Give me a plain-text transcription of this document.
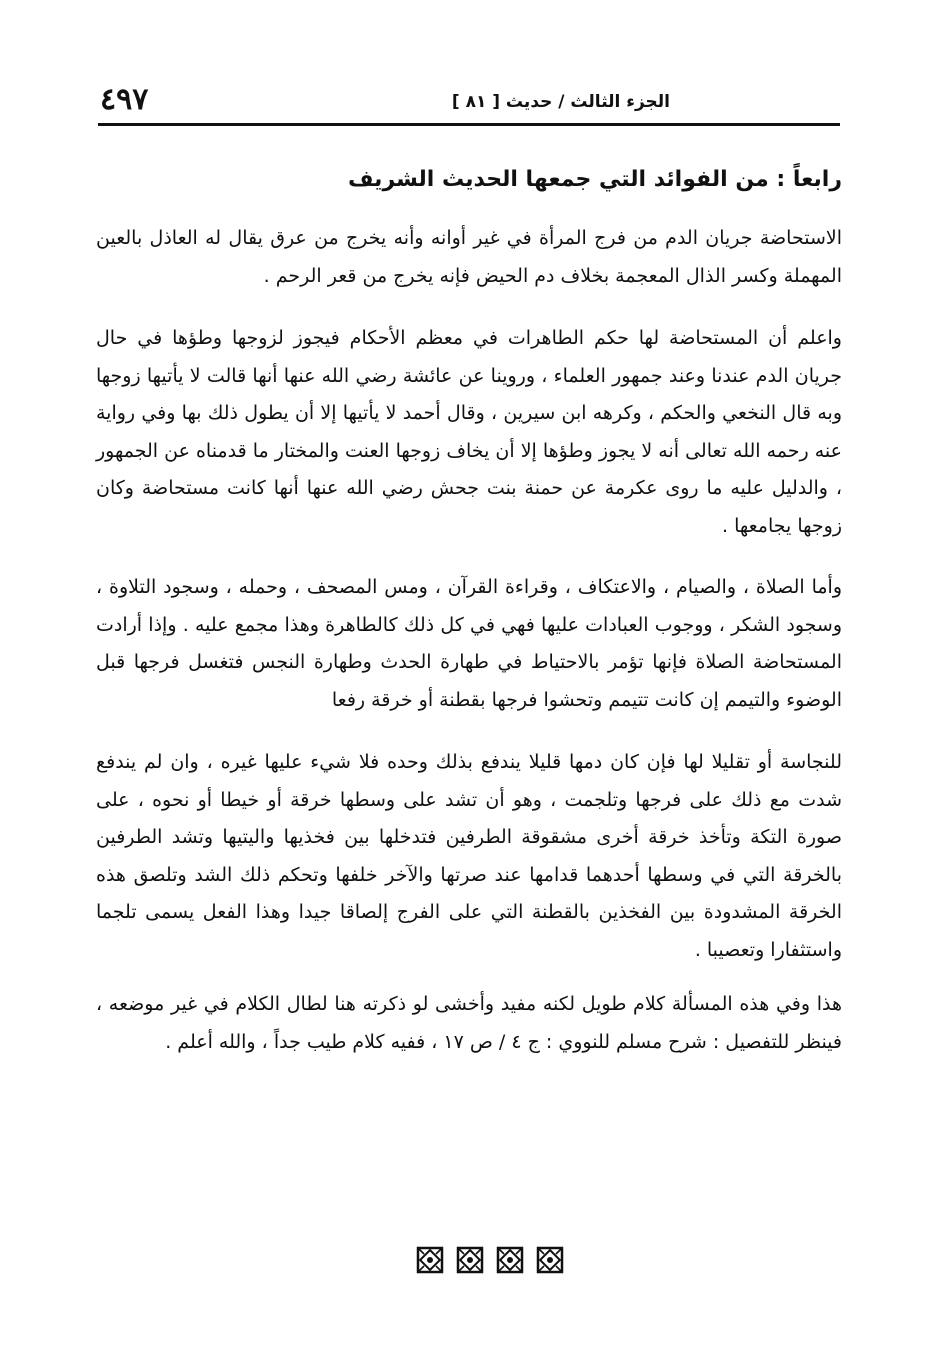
٤٩٧	الجزء الثالث / حديث [ ٨١ ]
رابعاً : من الفوائد التي جمعها الحديث الشريف

الاستحاضة جريان الدم من فرج المرأة في غير أوانه وأنه يخرج من عرق يقال له العاذل بالعين المهملة وكسر الذال المعجمة بخلاف دم الحيض فإنه يخرج من قعر الرحم .

واعلم أن المستحاضة لها حكم الطاهرات في معظم الأحكام فيجوز لزوجها وطؤها في حال جريان الدم عندنا وعند جمهور العلماء ، وروينا عن عائشة رضي الله عنها أنها قالت لا يأتيها زوجها وبه قال النخعي والحكم ، وكرهه ابن سيرين ، وقال أحمد لا يأتيها إلا أن يطول ذلك بها وفي رواية عنه رحمه الله تعالى أنه لا يجوز وطؤها إلا أن يخاف زوجها العنت والمختار ما قدمناه عن الجمهور ، والدليل عليه ما روى عكرمة عن حمنة بنت جحش رضي الله عنها أنها كانت مستحاضة وكان زوجها يجامعها .

وأما الصلاة ، والصيام ، والاعتكاف ، وقراءة القرآن ، ومس المصحف ، وحمله ، وسجود التلاوة ، وسجود الشكر ، ووجوب العبادات عليها فهي في كل ذلك كالطاهرة وهذا مجمع عليه . وإذا أرادت المستحاضة الصلاة فإنها تؤمر بالاحتياط في طهارة الحدث وطهارة النجس فتغسل فرجها قبل الوضوء والتيمم إن كانت تتيمم وتحشوا فرجها بقطنة أو خرقة رفعا

للنجاسة أو تقليلا لها فإن كان دمها قليلا يندفع بذلك وحده فلا شيء عليها غيره ، وان لم يندفع شدت مع ذلك على فرجها وتلجمت ، وهو أن تشد على وسطها خرقة أو خيطا أو نحوه ، على صورة التكة وتأخذ خرقة أخرى مشقوقة الطرفين فتدخلها بين فخذيها واليتيها وتشد الطرفين بالخرقة التي في وسطها أحدهما قدامها عند صرتها والآخر خلفها وتحكم ذلك الشد وتلصق هذه الخرقة المشدودة بين الفخذين بالقطنة التي على الفرج إلصاقا جيدا وهذا الفعل يسمى تلجما واستثفارا وتعصيبا .

هذا وفي هذه المسألة كلام طويل لكنه مفيد وأخشى لو ذكرته هنا لطال الكلام في غير موضعه ، فينظر للتفصيل : شرح مسلم للنووي : ج ٤ / ص ١٧ ، ففيه كلام طيب جداً ، والله أعلم .
